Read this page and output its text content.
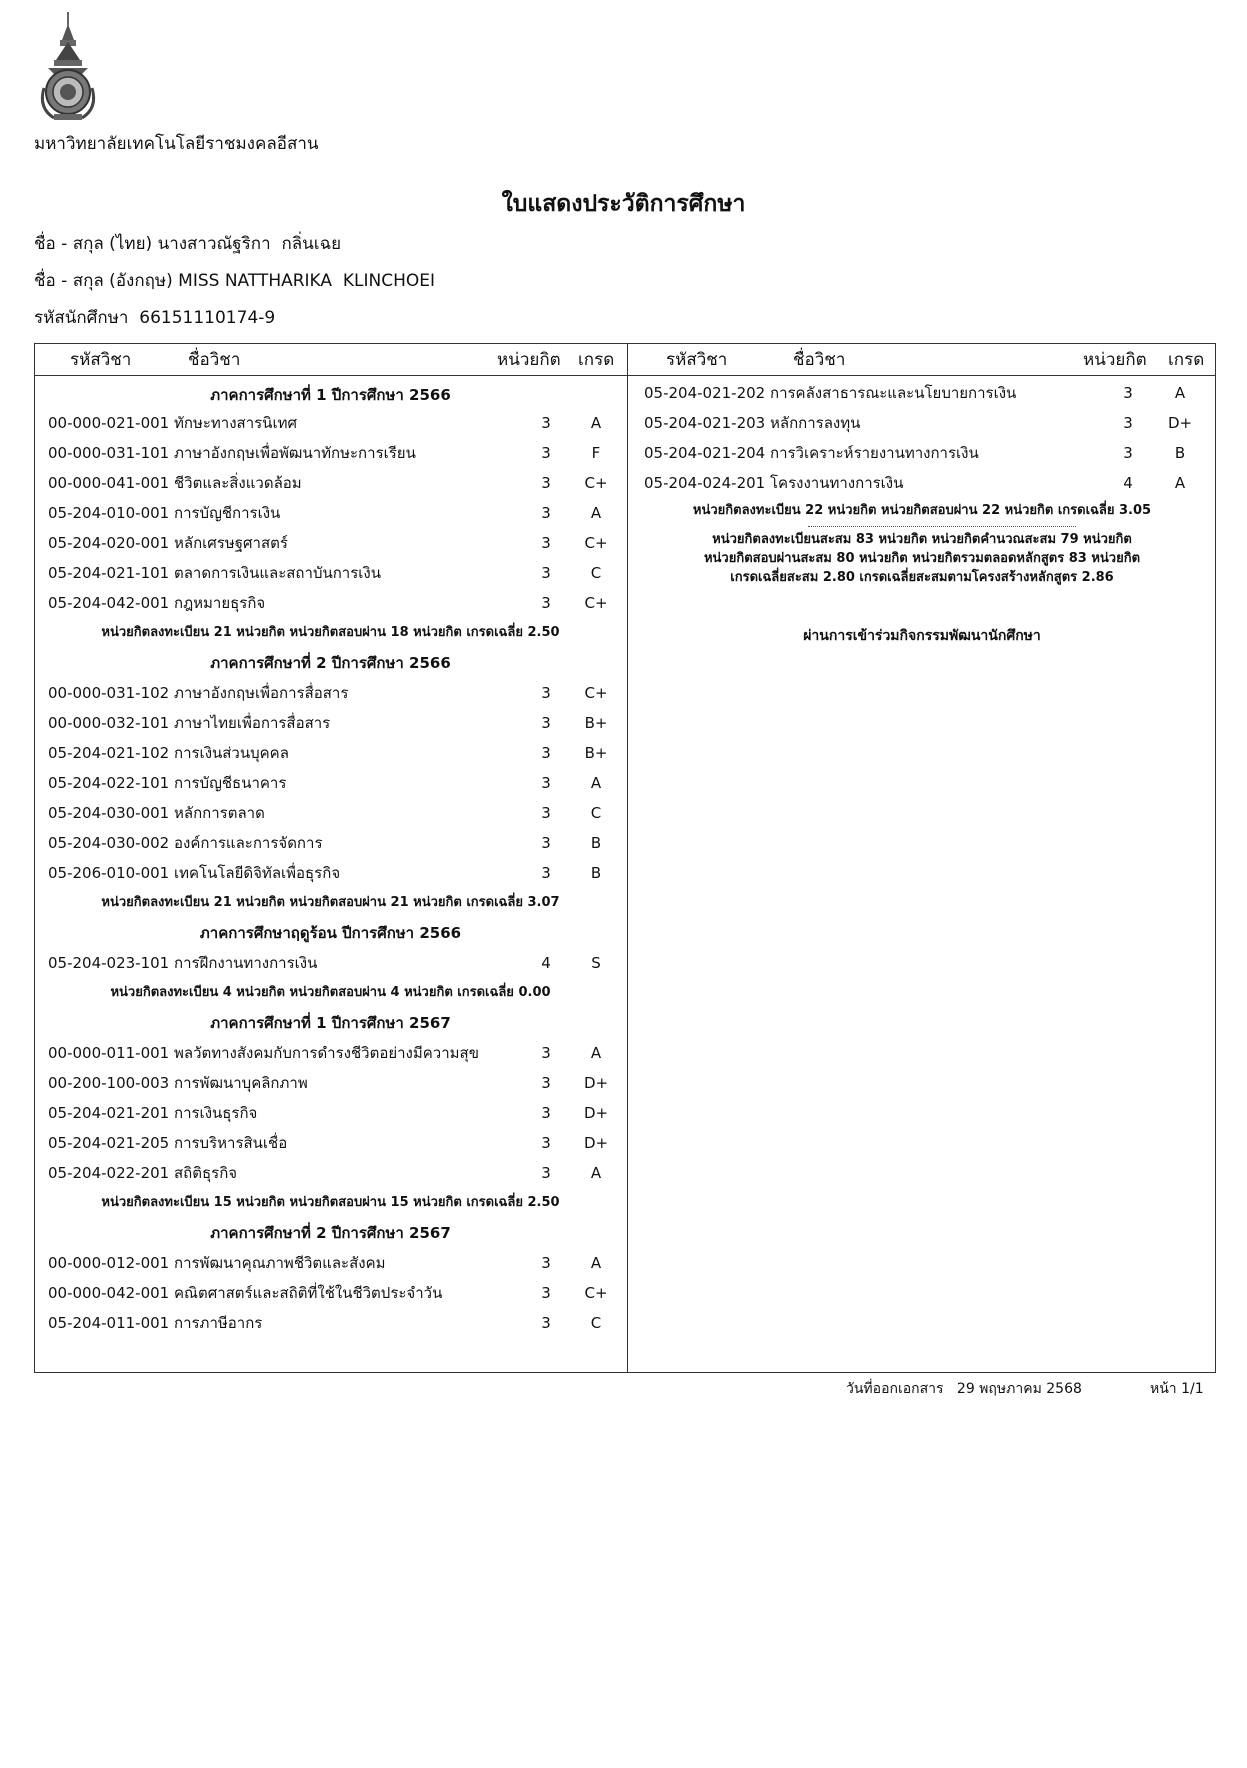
มหาวิทยาลัยเทคโนโลยีราชมงคลอีสาน
ใบแสดงประวัติการศึกษา
ชื่อ - สกุล (ไทย) นางสาวณัฐริกา  กลิ่นเฉย
ชื่อ - สกุล (อังกฤษ) MISS NATTHARIKA  KLINCHOEI
รหัสนักศึกษา 66151110174-9
รหัสวิชา	ชื่อวิชา	หน่วยกิต เกรด	รหัสวิชา	ชื่อวิชา	หน่วยกิต เกรด
ภาคการศึกษาที่ 1 ปีการศึกษา 2566
00-000-021-001 ทักษะทางสารนิเทศ	3	A
00-000-031-101 ภาษาอังกฤษเพื่อพัฒนาทักษะการเรียน	3	F
00-000-041-001 ชีวิตและสิ่งแวดล้อม	3	C+
05-204-010-001 การบัญชีการเงิน	3	A
05-204-020-001 หลักเศรษฐศาสตร์	3	C+
05-204-021-101 ตลาดการเงินและสถาบันการเงิน	3	C
05-204-042-001 กฎหมายธุรกิจ	3	C+
หน่วยกิตลงทะเบียน 21 หน่วยกิต หน่วยกิตสอบผ่าน 18 หน่วยกิต เกรดเฉลี่ย 2.50
ภาคการศึกษาที่ 2 ปีการศึกษา 2566
00-000-031-102 ภาษาอังกฤษเพื่อการสื่อสาร	3	C+
00-000-032-101 ภาษาไทยเพื่อการสื่อสาร	3	B+
05-204-021-102 การเงินส่วนบุคคล	3	B+
05-204-022-101 การบัญชีธนาคาร	3	A
05-204-030-001 หลักการตลาด	3	C
05-204-030-002 องค์การและการจัดการ	3	B
05-206-010-001 เทคโนโลยีดิจิทัลเพื่อธุรกิจ	3	B
หน่วยกิตลงทะเบียน 21 หน่วยกิต หน่วยกิตสอบผ่าน 21 หน่วยกิต เกรดเฉลี่ย 3.07
ภาคการศึกษาฤดูร้อน ปีการศึกษา 2566
05-204-023-101 การฝึกงานทางการเงิน	4	S
หน่วยกิตลงทะเบียน 4 หน่วยกิต หน่วยกิตสอบผ่าน 4 หน่วยกิต เกรดเฉลี่ย 0.00
ภาคการศึกษาที่ 1 ปีการศึกษา 2567
00-000-011-001 พลวัตทางสังคมกับการดำรงชีวิตอย่างมีความสุข	3	A
00-200-100-003 การพัฒนาบุคลิกภาพ	3	D+
05-204-021-201 การเงินธุรกิจ	3	D+
05-204-021-205 การบริหารสินเชื่อ	3	D+
05-204-022-201 สถิติธุรกิจ	3	A
หน่วยกิตลงทะเบียน 15 หน่วยกิต หน่วยกิตสอบผ่าน 15 หน่วยกิต เกรดเฉลี่ย 2.50
ภาคการศึกษาที่ 2 ปีการศึกษา 2567
00-000-012-001 การพัฒนาคุณภาพชีวิตและสังคม	3	A
00-000-042-001 คณิตศาสตร์และสถิติที่ใช้ในชีวิตประจำวัน	3	C+
05-204-011-001 การภาษีอากร	3	C
05-204-021-202 การคลังสาธารณะและนโยบายการเงิน	3	A
05-204-021-203 หลักการลงทุน	3	D+
05-204-021-204 การวิเคราะห์รายงานทางการเงิน	3	B
05-204-024-201 โครงงานทางการเงิน	4	A
หน่วยกิตลงทะเบียน 22 หน่วยกิต หน่วยกิตสอบผ่าน 22 หน่วยกิต เกรดเฉลี่ย 3.05
หน่วยกิตลงทะเบียนสะสม 83 หน่วยกิต หน่วยกิตคำนวณสะสม 79 หน่วยกิต
หน่วยกิตสอบผ่านสะสม 80 หน่วยกิต หน่วยกิตรวมตลอดหลักสูตร 83 หน่วยกิต
เกรดเฉลี่ยสะสม 2.80 เกรดเฉลี่ยสะสมตามโครงสร้างหลักสูตร 2.86
ผ่านการเข้าร่วมกิจกรรมพัฒนานักศึกษา
วันที่ออกเอกสาร 29 พฤษภาคม 2568	หน้า 1/1
